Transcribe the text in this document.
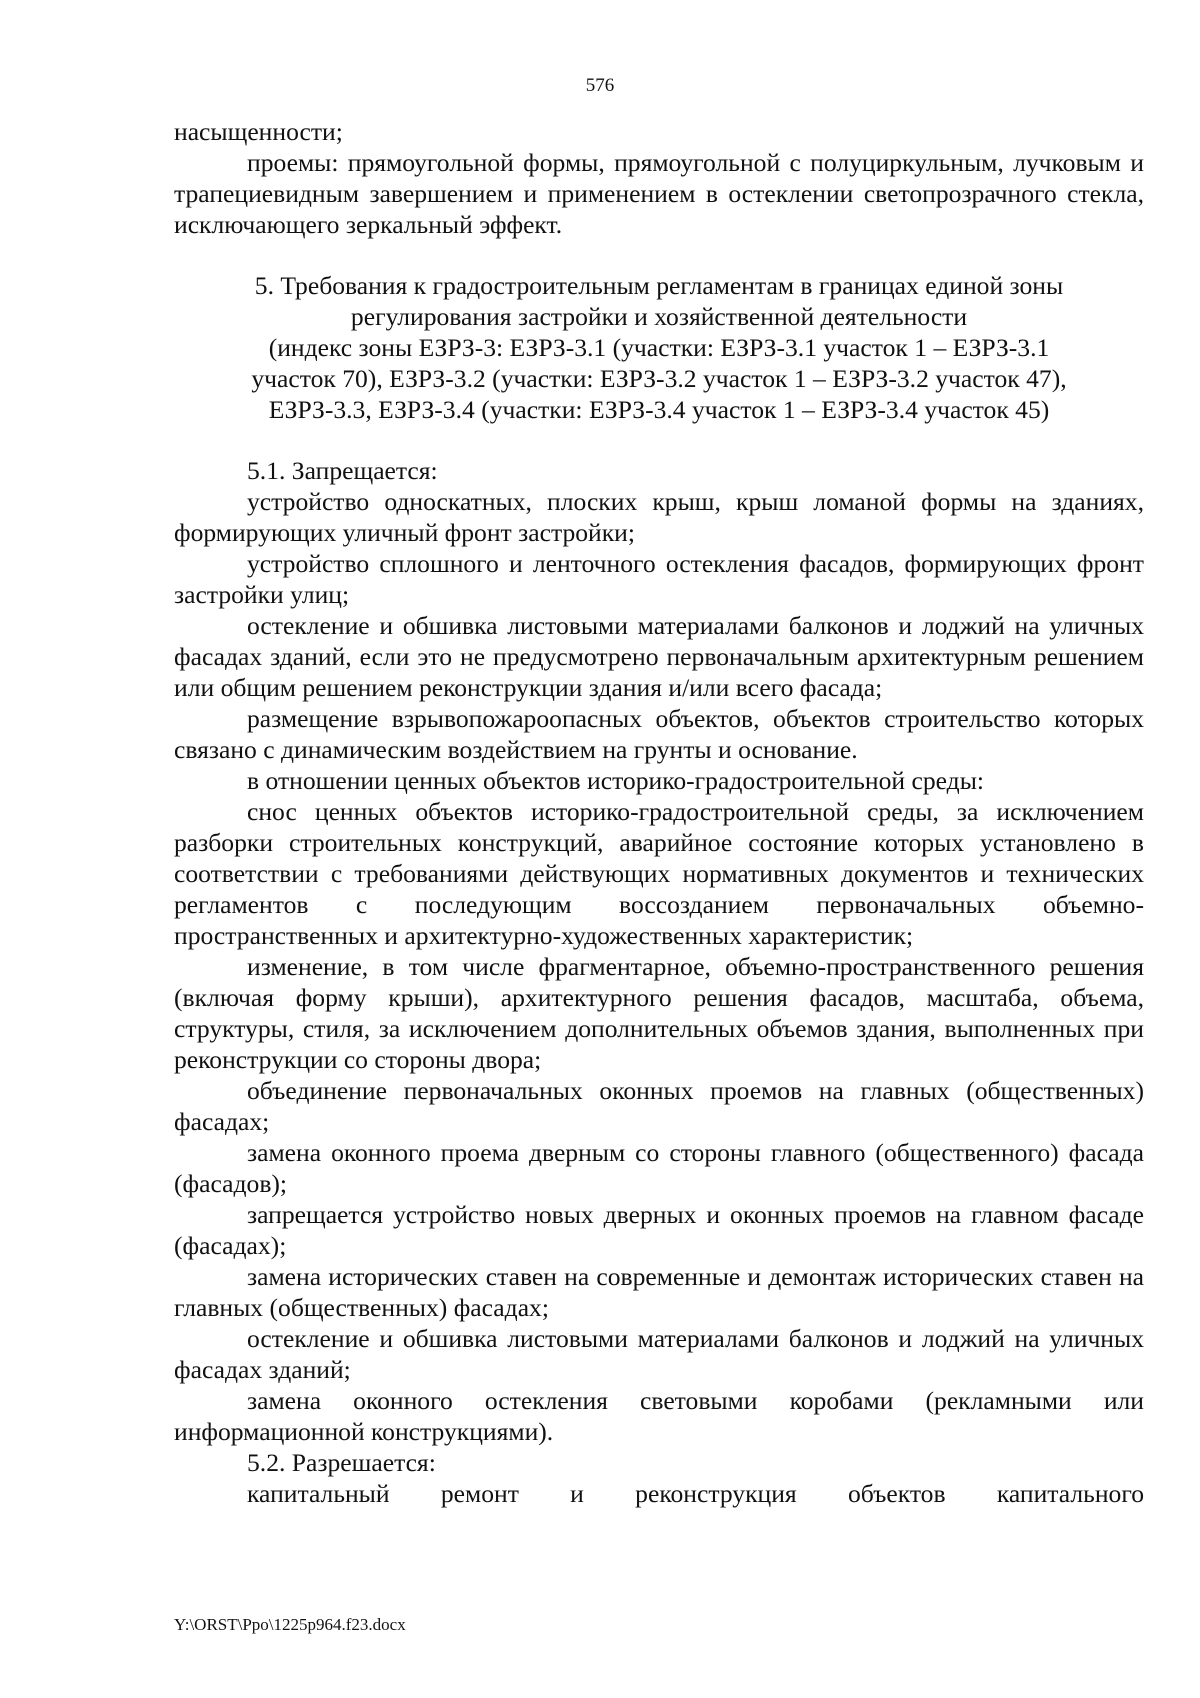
576

насыщенности;

проемы: прямоугольной формы, прямоугольной с полуциркульным, лучковым и трапециевидным завершением и применением в остеклении светопрозрачного стекла, исключающего зеркальный эффект.

5. Требования к градостроительным регламентам в границах единой зоны
регулирования застройки и хозяйственной деятельности
(индекс зоны ЕЗРЗ-3: ЕЗРЗ-3.1 (участки: ЕЗРЗ-3.1 участок 1 – ЕЗРЗ-3.1
участок 70), ЕЗРЗ-3.2 (участки: ЕЗРЗ-3.2 участок 1 – ЕЗРЗ-3.2 участок 47),
ЕЗРЗ-3.3, ЕЗРЗ-3.4 (участки: ЕЗРЗ-3.4 участок 1 – ЕЗРЗ-3.4 участок 45)

5.1. Запрещается:

устройство односкатных, плоских крыш, крыш ломаной формы на зданиях, формирующих уличный фронт застройки;

устройство сплошного и ленточного остекления фасадов, формирующих фронт застройки улиц;

остекление и обшивка листовыми материалами балконов и лоджий на уличных фасадах зданий, если это не предусмотрено первоначальным архитектурным решением или общим решением реконструкции здания и/или всего фасада;

размещение взрывопожароопасных объектов, объектов строительство которых связано с динамическим воздействием на грунты и основание.

в отношении ценных объектов историко-градостроительной среды:

снос ценных объектов историко-градостроительной среды, за исключением разборки строительных конструкций, аварийное состояние которых установлено в соответствии с требованиями действующих нормативных документов и технических регламентов с последующим воссозданием первоначальных объемно- пространственных и архитектурно-художественных характеристик;

изменение, в том числе фрагментарное, объемно-пространственного решения (включая форму крыши), архитектурного решения фасадов, масштаба, объема, структуры, стиля, за исключением дополнительных объемов здания, выполненных при реконструкции со стороны двора;

объединение первоначальных оконных проемов на главных (общественных) фасадах;

замена оконного проема дверным со стороны главного (общественного) фасада (фасадов);

запрещается устройство новых дверных и оконных проемов на главном фасаде (фасадах);

замена исторических ставен на современные и демонтаж исторических ставен на главных (общественных) фасадах;

остекление и обшивка листовыми материалами балконов и лоджий на уличных фасадах зданий;

замена оконного остекления световыми коробами (рекламными или информационной конструкциями).

5.2. Разрешается:

капитальный ремонт и реконструкция объектов капитального

Y:\ORST\Ppo\1225p964.f23.docx
